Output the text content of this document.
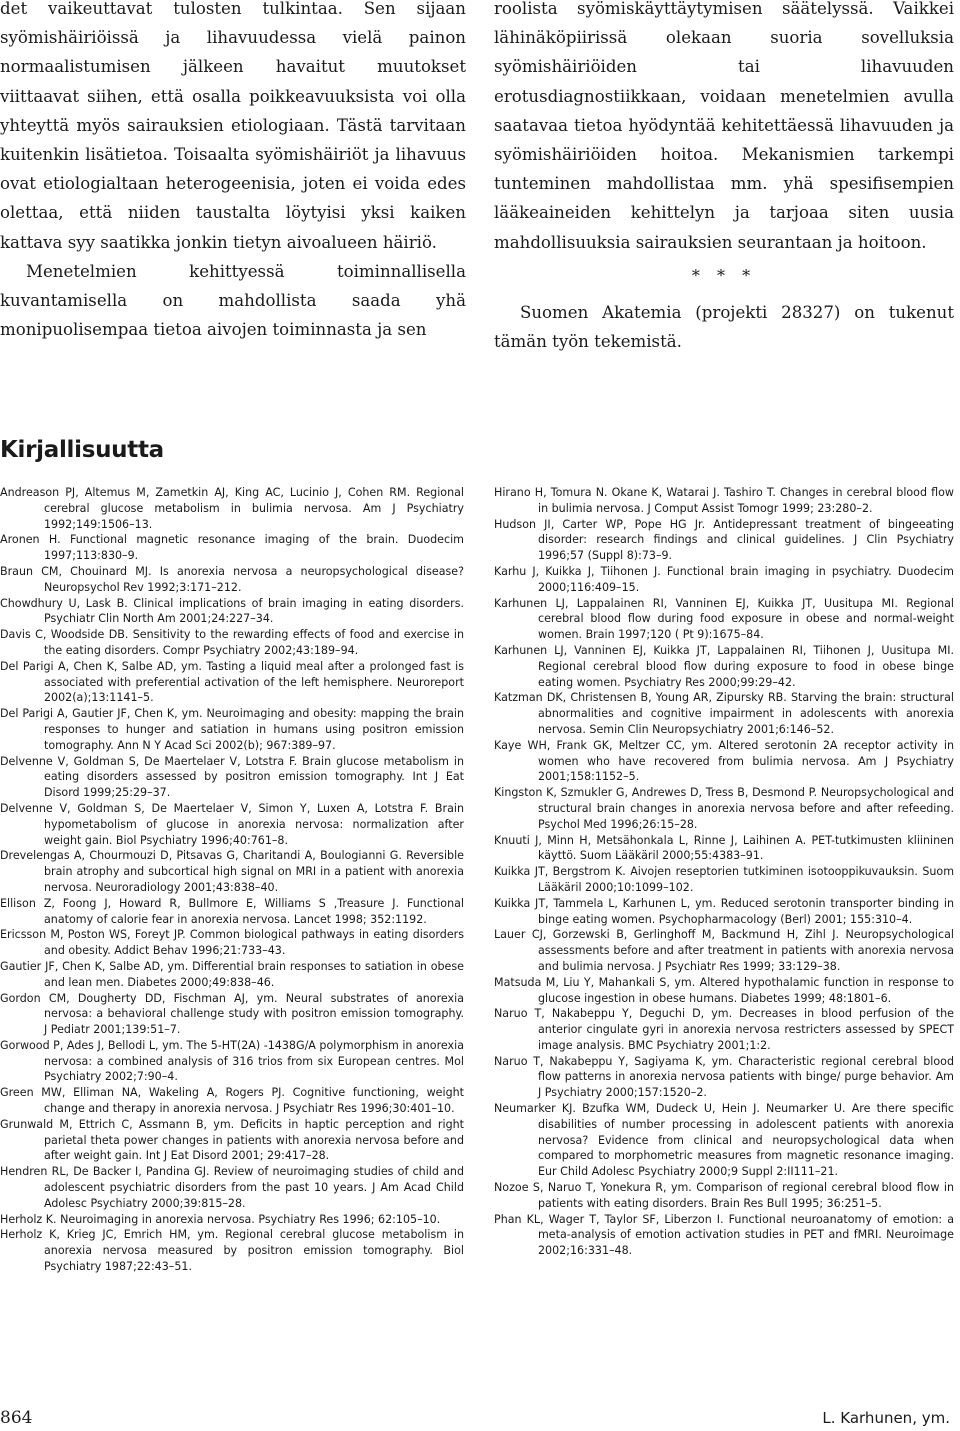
det vaikeuttavat tulosten tulkintaa. Sen sijaan syömishäiriöissä ja lihavuudessa vielä painon normaalistumisen jälkeen havaitut muutokset viittaavat siihen, että osalla poikkeavuuksista voi olla yhteyttä myös sairauksien etiologiaan. Tästä tarvitaan kuitenkin lisätietoa. Toisaalta syömishäiriöt ja lihavuus ovat etiologialtaan heterogeenisia, joten ei voida edes olettaa, että niiden taustalta löytyisi yksi kaiken kattava syy saatikka jonkin tietyn aivoalueen häiriö.

Menetelmien kehittyessä toiminnallisella kuvantamisella on mahdollista saada yhä monipuolisempaa tietoa aivojen toiminnasta ja sen

roolista syömiskäyttäytymisen säätelyssä. Vaikkei lähinäköpiirissä olekaan suoria sovelluksia syömishäiriöiden tai lihavuuden erotusdiagnostiikkaan, voidaan menetelmien avulla saatavaa tietoa hyödyntää kehitettäessä lihavuuden ja syömishäiriöiden hoitoa. Mekanismien tarkempi tunteminen mahdollistaa mm. yhä spesifisempien lääkeaineiden kehittelyn ja tarjoaa siten uusia mahdollisuuksia sairauksien seurantaan ja hoitoon.

* * *

Suomen Akatemia (projekti 28327) on tukenut tämän työn tekemistä.

Kirjallisuutta

Andreason PJ, Altemus M, Zametkin AJ, King AC, Lucinio J, Cohen RM. Regional cerebral glucose metabolism in bulimia nervosa. Am J Psychiatry 1992;149:1506–13.

Aronen H. Functional magnetic resonance imaging of the brain. Duodecim 1997;113:830–9.

Braun CM, Chouinard MJ. Is anorexia nervosa a neuropsychological disease? Neuropsychol Rev 1992;3:171–212.

Chowdhury U, Lask B. Clinical implications of brain imaging in eating disorders. Psychiatr Clin North Am 2001;24:227–34.

Davis C, Woodside DB. Sensitivity to the rewarding effects of food and exercise in the eating disorders. Compr Psychiatry 2002;43:189–94.

Del Parigi A, Chen K, Salbe AD, ym. Tasting a liquid meal after a prolonged fast is associated with preferential activation of the left hemisphere. Neuroreport 2002(a);13:1141–5.

Del Parigi A, Gautier JF, Chen K, ym. Neuroimaging and obesity: mapping the brain responses to hunger and satiation in humans using positron emission tomography. Ann N Y Acad Sci 2002(b); 967:389–97.

Delvenne V, Goldman S, De Maertelaer V, Lotstra F. Brain glucose metabolism in eating disorders assessed by positron emission tomography. Int J Eat Disord 1999;25:29–37.

Delvenne V, Goldman S, De Maertelaer V, Simon Y, Luxen A, Lotstra F. Brain hypometabolism of glucose in anorexia nervosa: normalization after weight gain. Biol Psychiatry 1996;40:761–8.

Drevelengas A, Chourmouzi D, Pitsavas G, Charitandi A, Boulogianni G. Reversible brain atrophy and subcortical high signal on MRI in a patient with anorexia nervosa. Neuroradiology 2001;43:838–40.

Ellison Z, Foong J, Howard R, Bullmore E, Williams S ,Treasure J. Functional anatomy of calorie fear in anorexia nervosa. Lancet 1998; 352:1192.

Ericsson M, Poston WS, Foreyt JP. Common biological pathways in eating disorders and obesity. Addict Behav 1996;21:733–43.

Gautier JF, Chen K, Salbe AD, ym. Differential brain responses to satiation in obese and lean men. Diabetes 2000;49:838–46.

Gordon CM, Dougherty DD, Fischman AJ, ym. Neural substrates of anorexia nervosa: a behavioral challenge study with positron emission tomography. J Pediatr 2001;139:51–7.

Gorwood P, Ades J, Bellodi L, ym. The 5-HT(2A) -1438G/A polymorphism in anorexia nervosa: a combined analysis of 316 trios from six European centres. Mol Psychiatry 2002;7:90–4.

Green MW, Elliman NA, Wakeling A, Rogers PJ. Cognitive functioning, weight change and therapy in anorexia nervosa. J Psychiatr Res 1996;30:401–10.

Grunwald M, Ettrich C, Assmann B, ym. Deficits in haptic perception and right parietal theta power changes in patients with anorexia nervosa before and after weight gain. Int J Eat Disord 2001; 29:417–28.

Hendren RL, De Backer I, Pandina GJ. Review of neuroimaging studies of child and adolescent psychiatric disorders from the past 10 years. J Am Acad Child Adolesc Psychiatry 2000;39:815–28.

Herholz K. Neuroimaging in anorexia nervosa. Psychiatry Res 1996; 62:105–10.

Herholz K, Krieg JC, Emrich HM, ym. Regional cerebral glucose metabolism in anorexia nervosa measured by positron emission tomography. Biol Psychiatry 1987;22:43–51.

Hirano H, Tomura N. Okane K, Watarai J. Tashiro T. Changes in cerebral blood flow in bulimia nervosa. J Comput Assist Tomogr 1999; 23:280–2.

Hudson JI, Carter WP, Pope HG Jr. Antidepressant treatment of bingeeating disorder: research findings and clinical guidelines. J Clin Psychiatry 1996;57 (Suppl 8):73–9.

Karhu J, Kuikka J, Tiihonen J. Functional brain imaging in psychiatry. Duodecim 2000;116:409–15.

Karhunen LJ, Lappalainen RI, Vanninen EJ, Kuikka JT, Uusitupa MI. Regional cerebral blood flow during food exposure in obese and normal-weight women. Brain 1997;120 ( Pt 9):1675–84.

Karhunen LJ, Vanninen EJ, Kuikka JT, Lappalainen RI, Tiihonen J, Uusitupa MI. Regional cerebral blood flow during exposure to food in obese binge eating women. Psychiatry Res 2000;99:29–42.

Katzman DK, Christensen B, Young AR, Zipursky RB. Starving the brain: structural abnormalities and cognitive impairment in adolescents with anorexia nervosa. Semin Clin Neuropsychiatry 2001;6:146–52.

Kaye WH, Frank GK, Meltzer CC, ym. Altered serotonin 2A receptor activity in women who have recovered from bulimia nervosa. Am J Psychiatry 2001;158:1152–5.

Kingston K, Szmukler G, Andrewes D, Tress B, Desmond P. Neuropsychological and structural brain changes in anorexia nervosa before and after refeeding. Psychol Med 1996;26:15–28.

Knuuti J, Minn H, Metsähonkala L, Rinne J, Laihinen A. PET-tutkimusten kliininen käyttö. Suom Lääkäril 2000;55:4383–91.

Kuikka JT, Bergstrom K. Aivojen reseptorien tutkiminen isotooppikuvauksin. Suom Lääkäril 2000;10:1099–102.

Kuikka JT, Tammela L, Karhunen L, ym. Reduced serotonin transporter binding in binge eating women. Psychopharmacology (Berl) 2001; 155:310–4.

Lauer CJ, Gorzewski B, Gerlinghoff M, Backmund H, Zihl J. Neuropsychological assessments before and after treatment in patients with anorexia nervosa and bulimia nervosa. J Psychiatr Res 1999; 33:129–38.

Matsuda M, Liu Y, Mahankali S, ym. Altered hypothalamic function in response to glucose ingestion in obese humans. Diabetes 1999; 48:1801–6.

Naruo T, Nakabeppu Y, Deguchi D, ym. Decreases in blood perfusion of the anterior cingulate gyri in anorexia nervosa restricters assessed by SPECT image analysis. BMC Psychiatry 2001;1:2.

Naruo T, Nakabeppu Y, Sagiyama K, ym. Characteristic regional cerebral blood flow patterns in anorexia nervosa patients with binge/ purge behavior. Am J Psychiatry 2000;157:1520–2.

Neumarker KJ. Bzufka WM, Dudeck U, Hein J. Neumarker U. Are there specific disabilities of number processing in adolescent patients with anorexia nervosa? Evidence from clinical and neuropsychological data when compared to morphometric measures from magnetic resonance imaging. Eur Child Adolesc Psychiatry 2000;9 Suppl 2:II111–21.

Nozoe S, Naruo T, Yonekura R, ym. Comparison of regional cerebral blood flow in patients with eating disorders. Brain Res Bull 1995; 36:251–5.

Phan KL, Wager T, Taylor SF, Liberzon I. Functional neuroanatomy of emotion: a meta-analysis of emotion activation studies in PET and fMRI. Neuroimage 2002;16:331–48.

864	L. Karhunen, ym.
